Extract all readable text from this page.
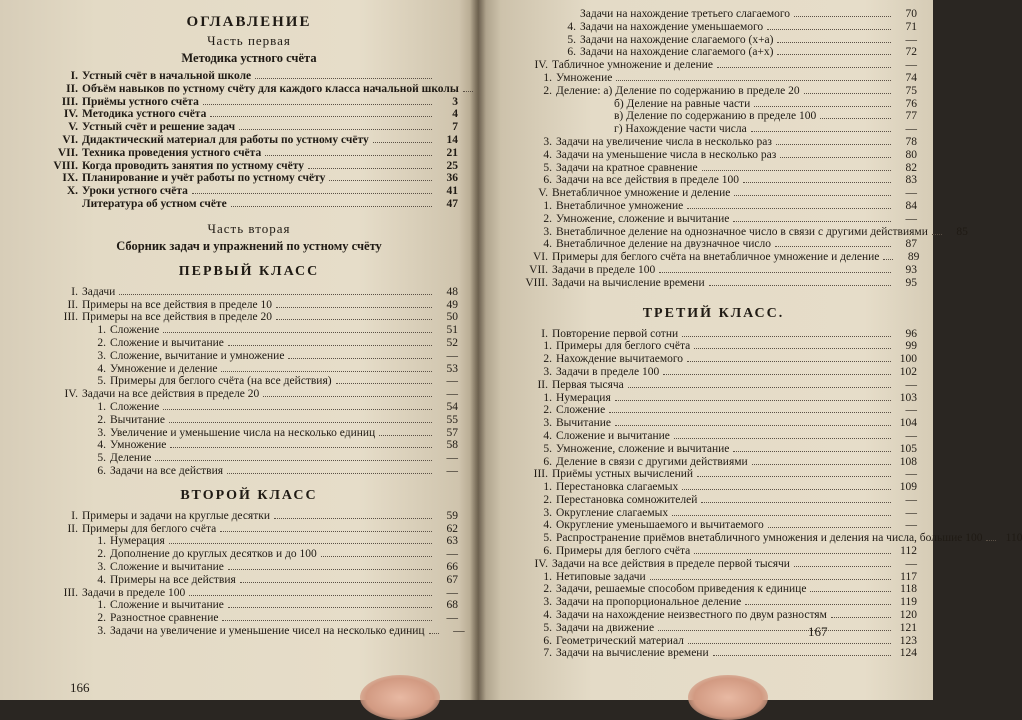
ОГЛАВЛЕНИЕ
Часть первая
Методика устного счёта
I. Устный счёт в начальной школе
II. Объём навыков по устному счёту для каждого класса начальной школы
III. Приёмы устного счёта	3
IV. Методика устного счёта	4
V. Устный счёт и решение задач	7
VI. Дидактический материал для работы по устному счёту	14
VII. Техника проведения устного счёта	21
VIII. Когда проводить занятия по устному счёту	25
IX. Планирование и учёт работы по устному счёту	36
X. Уроки устного счёта	41
Литература об устном счёте	47
Часть вторая
Сборник задач и упражнений по устному счёту
ПЕРВЫЙ КЛАСС
I. Задачи	48
II. Примеры на все действия в пределе 10	49
III. Примеры на все действия в пределе 20	50
1. Сложение	51
2. Сложение и вычитание	52
3. Сложение, вычитание и умножение	—
4. Умножение и деление	53
5. Примеры для беглого счёта (на все действия)	—
IV. Задачи на все действия в пределе 20	—
1. Сложение	54
2. Вычитание	55
3. Увеличение и уменьшение числа на несколько единиц	57
4. Умножение	58
5. Деление	—
6. Задачи на все действия	—
ВТОРОЙ КЛАСС
I. Примеры и задачи на круглые десятки	59
II. Примеры для беглого счёта	62
1. Нумерация	63
2. Дополнение до круглых десятков и до 100	—
3. Сложение и вычитание	66
4. Примеры на все действия	67
III. Задачи в пределе 100	—
1. Сложение и вычитание	68
2. Разностное сравнение	—
3. Задачи на увеличение и уменьшение чисел на несколько единиц	—
166
Задачи на нахождение третьего слагаемого	70
4. Задачи на нахождение уменьшаемого	71
5. Задачи на нахождение слагаемого (x+a)	—
6. Задачи на нахождение слагаемого (a+x)	72
IV. Табличное умножение и деление	—
1. Умножение	74
2. Деление: а) Деление по содержанию в пределе 20	75
б) Деление на равные части	76
в) Деление по содержанию в пределе 100	77
г) Нахождение части числа	—
3. Задачи на увеличение числа в несколько раз	78
4. Задачи на уменьшение числа в несколько раз	80
5. Задачи на кратное сравнение	82
6. Задачи на все действия в пределе 100	83
V. Внетабличное умножение и деление	—
1. Внетабличное умножение	84
2. Умножение, сложение и вычитание	—
3. Внетабличное деление на однозначное число в связи с другими действиями	85
4. Внетабличное деление на двузначное число	87
VI. Примеры для беглого счёта на внетабличное умножение и деление	89
VII. Задачи в пределе 100	93
VIII. Задачи на вычисление времени	95
ТРЕТИЙ КЛАСС.
I. Повторение первой сотни	96
1. Примеры для беглого счёта	99
2. Нахождение вычитаемого	100
3. Задачи в пределе 100	102
II. Первая тысяча	—
1. Нумерация	103
2. Сложение	—
3. Вычитание	104
4. Сложение и вычитание	—
5. Умножение, сложение и вычитание	105
6. Деление в связи с другими действиями	108
III. Приёмы устных вычислений	—
1. Перестановка слагаемых	109
2. Перестановка сомножителей	—
3. Округление слагаемых	—
4. Округление уменьшаемого и вычитаемого	—
5. Распространение приёмов внетабличного умножения и деления на числа, большие 100	110
6. Примеры для беглого счёта	112
IV. Задачи на все действия в пределе первой тысячи	—
1. Нетиповые задачи	117
2. Задачи, решаемые способом приведения к единице	118
3. Задачи на пропорциональное деление	119
4. Задачи на нахождение неизвестного по двум разностям	120
5. Задачи на движение	121
6. Геометрический материал	123
7. Задачи на вычисление времени	124
167
